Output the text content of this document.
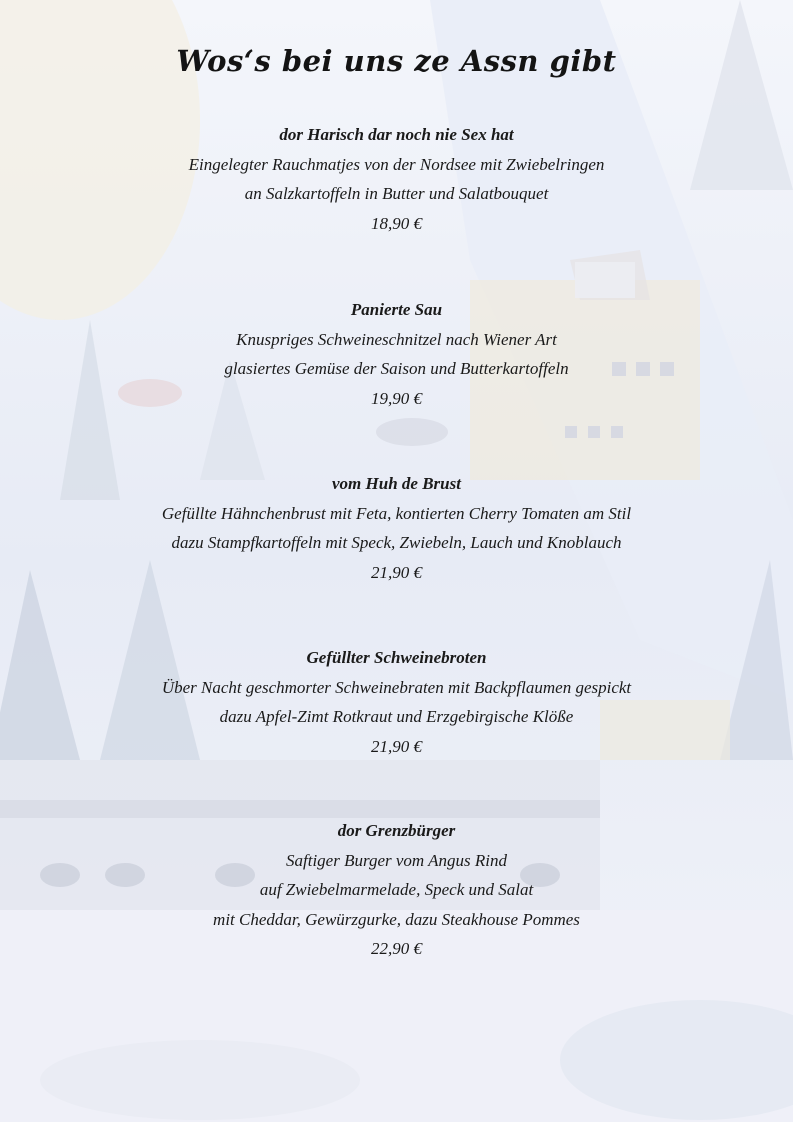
Wos‘s bei uns ze Assn gibt
dor Harisch dar noch nie Sex hat
Eingelegter Rauchmatjes von der Nordsee mit Zwiebelringen
an Salzkartoffeln in Butter und Salatbouquet
18,90 €
Panierte Sau
Knuspriges Schweineschnitzel nach Wiener Art
glasiertes Gemüse der Saison und Butterkartoffeln
19,90 €
vom Huh de Brust
Gefüllte Hähnchenbrust mit Feta, kontierten Cherry Tomaten am Stil
dazu Stampfkartoffeln mit Speck, Zwiebeln, Lauch und Knoblauch
21,90 €
Gefüllter Schweinebroten
Über Nacht geschmorter Schweinebraten mit Backpflaumen gespickt
dazu Apfel-Zimt Rotkraut und Erzgebirgische Klöße
21,90 €
dor Grenzbürger
Saftiger Burger vom Angus Rind
auf Zwiebelmarmelade, Speck und Salat
mit Cheddar, Gewürzgurke, dazu Steakhouse Pommes
22,90 €
